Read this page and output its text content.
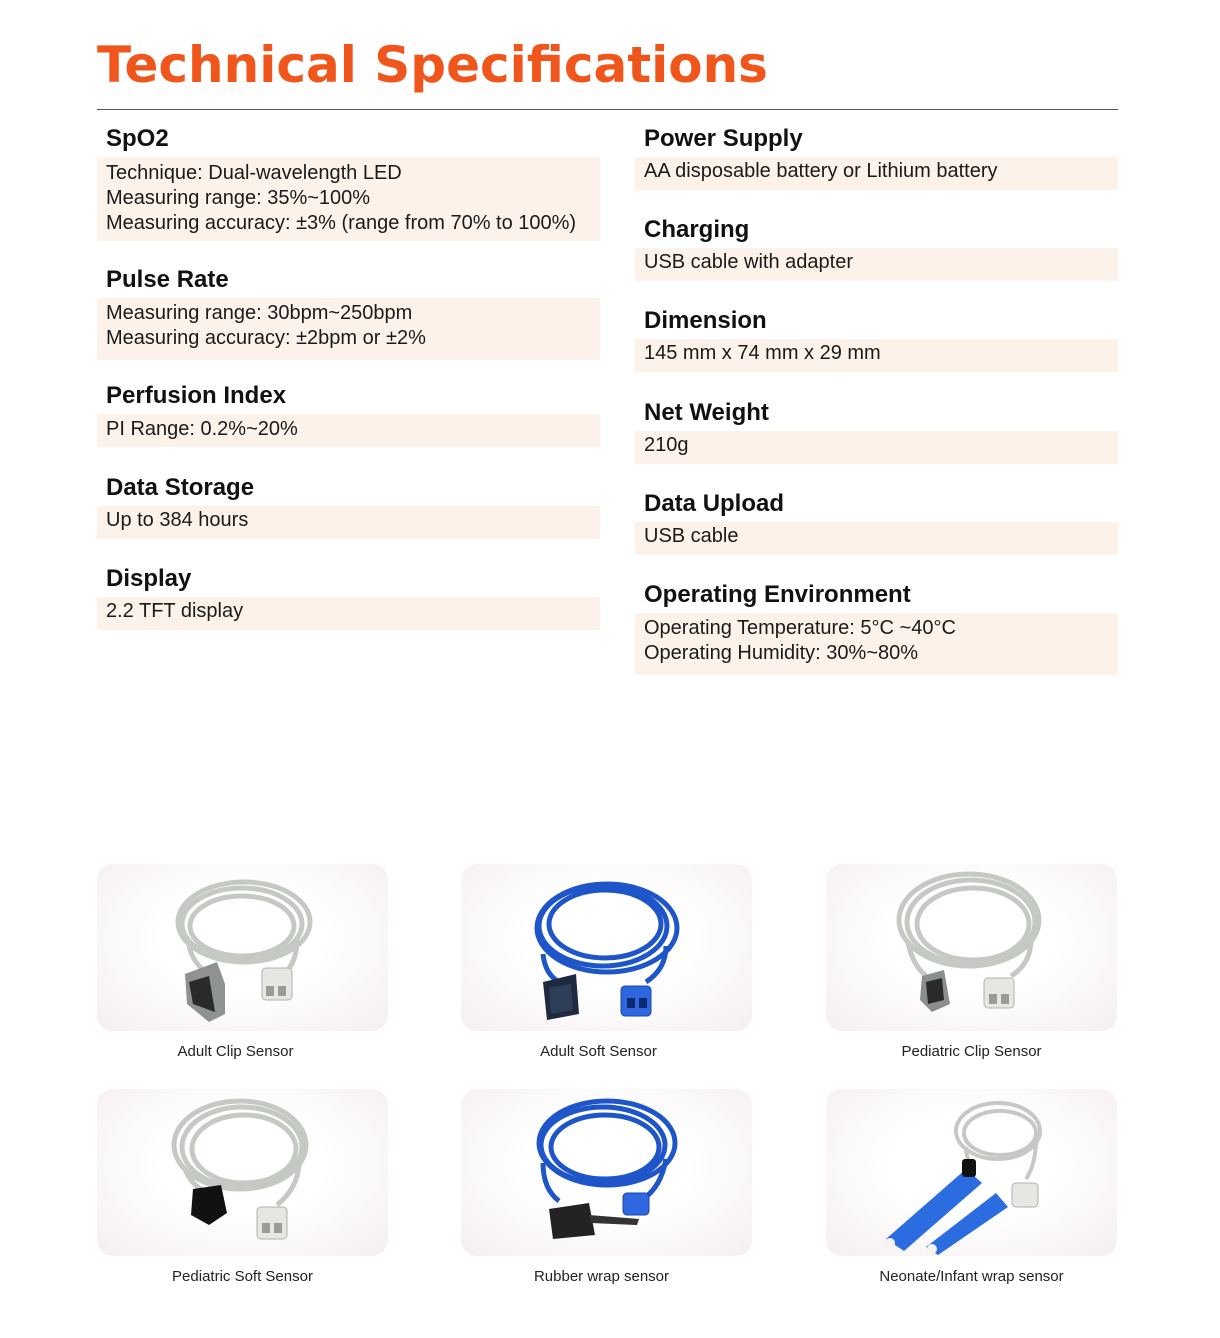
Technical Specifications
SpO2
Technique: Dual-wavelength LED
Measuring range: 35%~100%
Measuring accuracy: ±3% (range from 70% to 100%)
Pulse Rate
Measuring range: 30bpm~250bpm
Measuring accuracy: ±2bpm or ±2%
Perfusion Index
PI Range: 0.2%~20%
Data Storage
Up to 384 hours
Display
2.2 TFT display
Power Supply
AA disposable battery or Lithium battery
Charging
USB cable with adapter
Dimension
145 mm x 74 mm x 29 mm
Net Weight
210g
Data Upload
USB cable
Operating Environment
Operating Temperature: 5°C ~40°C
Operating Humidity: 30%~80%
Adult Clip Sensor	Adult Soft Sensor	Pediatric Clip Sensor
Pediatric Soft Sensor	Rubber wrap sensor	Neonate/Infant wrap sensor
